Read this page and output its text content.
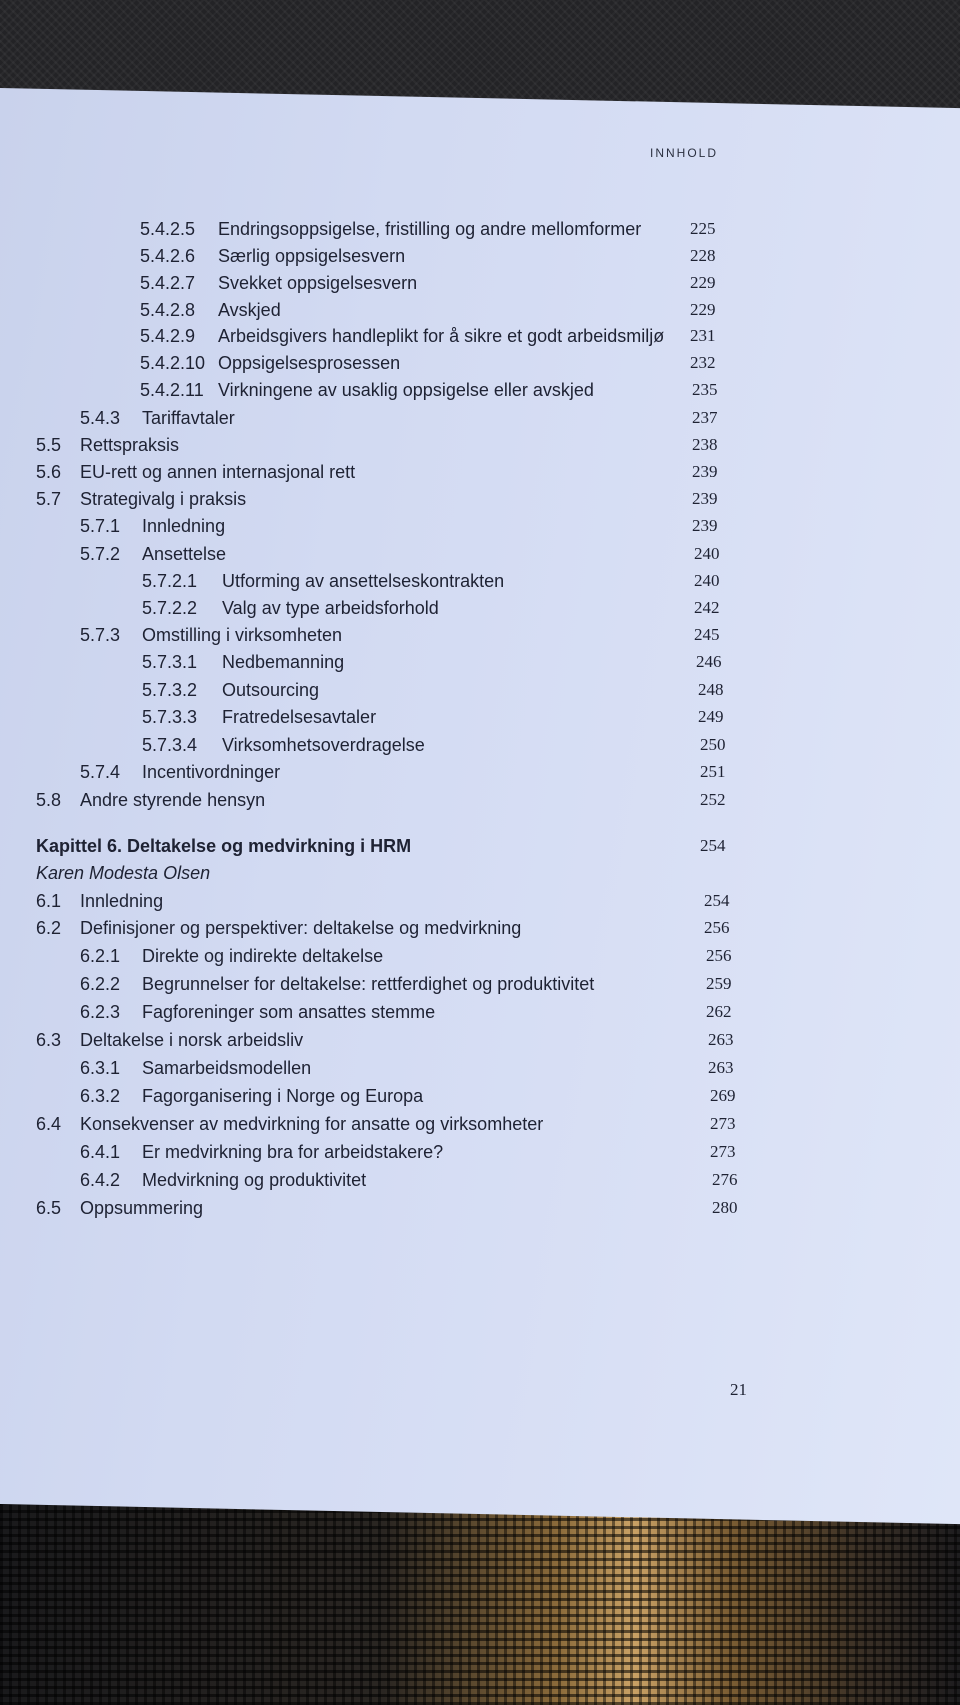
INNHOLD
5.4.2.5 Endringsoppsigelse, fristilling og andre mellomformer	225
5.4.2.6 Særlig oppsigelsesvern	228
5.4.2.7 Svekket oppsigelsesvern	229
5.4.2.8 Avskjed	229
5.4.2.9 Arbeidsgivers handleplikt for å sikre et godt arbeidsmiljø 231
5.4.2.10 Oppsigelsesprosessen	232
5.4.2.11 Virkningene av usaklig oppsigelse eller avskjed	235
5.4.3 Tariffavtaler	237
5.5 Rettspraksis	238
5.6 EU-rett og annen internasjonal rett	239
5.7 Strategivalg i praksis	239
5.7.1 Innledning	239
5.7.2 Ansettelse	240
5.7.2.1 Utforming av ansettelseskontrakten	240
5.7.2.2 Valg av type arbeidsforhold	242
5.7.3 Omstilling i virksomheten	245
5.7.3.1 Nedbemanning	246
5.7.3.2 Outsourcing	248
5.7.3.3 Fratredelsesavtaler	249
5.7.3.4 Virksomhetsoverdragelse	250
5.7.4 Incentivordninger	251
5.8 Andre styrende hensyn	252
Kapittel 6. Deltakelse og medvirkning i HRM	254
Karen Modesta Olsen
6.1 Innledning	254
6.2 Definisjoner og perspektiver: deltakelse og medvirkning	256
6.2.1 Direkte og indirekte deltakelse	256
6.2.2 Begrunnelser for deltakelse: rettferdighet og produktivitet	259
6.2.3 Fagforeninger som ansattes stemme	262
6.3 Deltakelse i norsk arbeidsliv	263
6.3.1 Samarbeidsmodellen	263
6.3.2 Fagorganisering i Norge og Europa	269
6.4 Konsekvenser av medvirkning for ansatte og virksomheter	273
6.4.1 Er medvirkning bra for arbeidstakere?	273
6.4.2 Medvirkning og produktivitet	276
6.5 Oppsummering	280
21
